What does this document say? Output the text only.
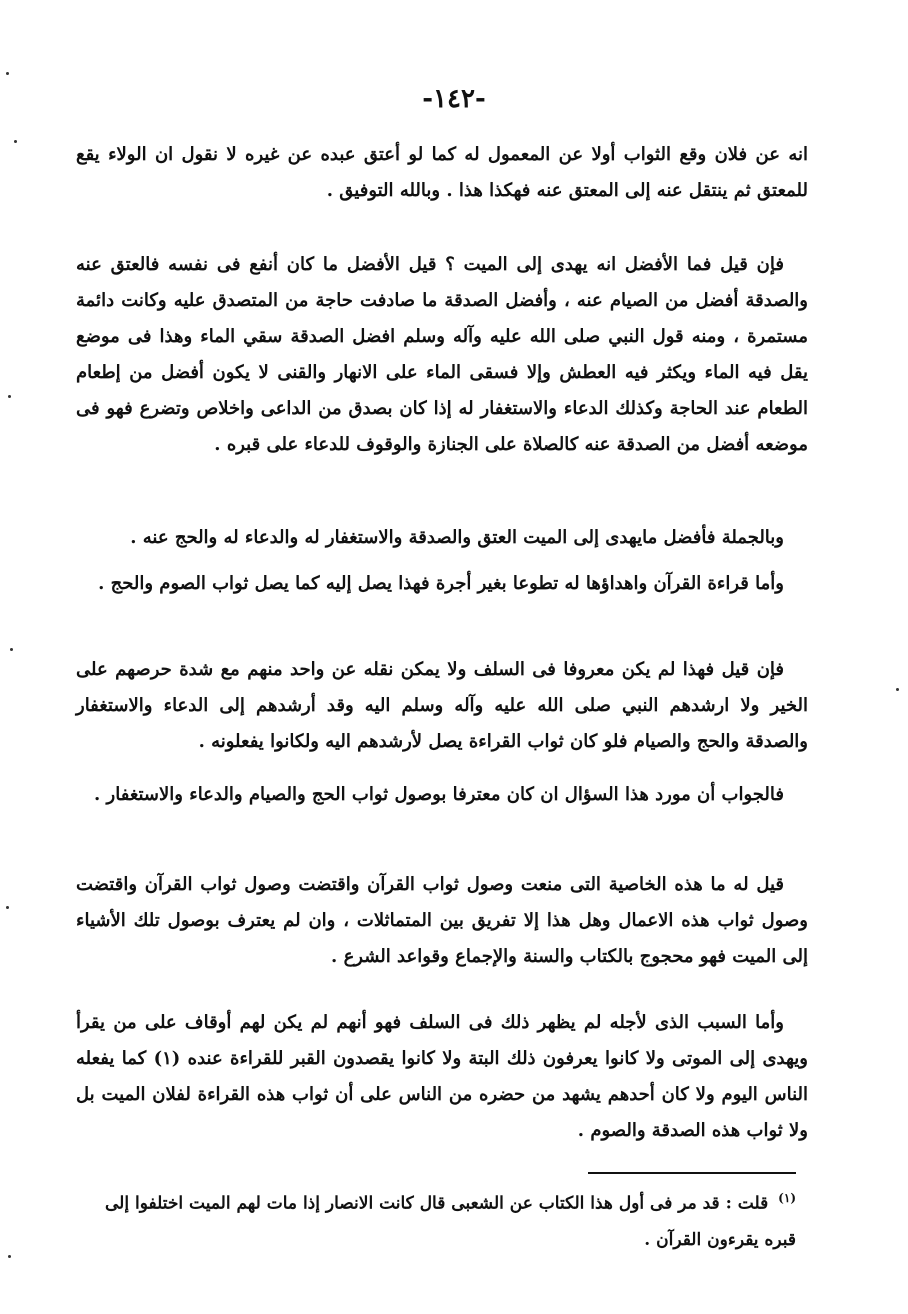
-١٤٢-

انه عن فلان وقع الثواب أولا عن المعمول له كما لو أعتق عبده عن غيره لا نقول ان الولاء يقع للمعتق ثم ينتقل عنه إلى المعتق عنه فهكذا هذا . وبالله التوفيق .

فإن قيل فما الأفضل انه يهدى إلى الميت ؟ قيل الأفضل ما كان أنفع فى نفسه فالعتق عنه والصدقة أفضل من الصيام عنه ، وأفضل الصدقة ما صادفت حاجة من المتصدق عليه وكانت دائمة مستمرة ، ومنه قول النبي صلى الله عليه وآله وسلم افضل الصدقة سقي الماء وهذا فى موضع يقل فيه الماء ويكثر فيه العطش وإلا فسقى الماء على الانهار والقنى لا يكون أفضل من إطعام الطعام عند الحاجة وكذلك الدعاء والاستغفار له إذا كان بصدق من الداعى واخلاص وتضرع فهو فى موضعه أفضل من الصدقة عنه كالصلاة على الجنازة والوقوف للدعاء على قبره .

وبالجملة فأفضل مايهدى إلى الميت العتق والصدقة والاستغفار له والدعاء له والحج عنه .

وأما قراءة القرآن واهداؤها له تطوعا بغير أجرة فهذا يصل إليه كما يصل ثواب الصوم والحج .

فإن قيل فهذا لم يكن معروفا فى السلف ولا يمكن نقله عن واحد منهم مع شدة حرصهم على الخير ولا ارشدهم النبي صلى الله عليه وآله وسلم اليه وقد أرشدهم إلى الدعاء والاستغفار والصدقة والحج والصيام فلو كان ثواب القراءة يصل لأرشدهم اليه ولكانوا يفعلونه .

فالجواب أن مورد هذا السؤال ان كان معترفا بوصول ثواب الحج والصيام والدعاء والاستغفار .

قيل له ما هذه الخاصية التى منعت وصول ثواب القرآن واقتضت وصول ثواب القرآن واقتضت وصول ثواب هذه الاعمال وهل هذا إلا تفريق بين المتماثلات ، وان لم يعترف بوصول تلك الأشياء إلى الميت فهو محجوج بالكتاب والسنة والإجماع وقواعد الشرع .

وأما السبب الذى لأجله لم يظهر ذلك فى السلف فهو أنهم لم يكن لهم أوقاف على من يقرأ ويهدى إلى الموتى ولا كانوا يعرفون ذلك البتة ولا كانوا يقصدون القبر للقراءة عنده (١) كما يفعله الناس اليوم ولا كان أحدهم يشهد من حضره من الناس على أن ثواب هذه القراءة لفلان الميت بل ولا ثواب هذه الصدقة والصوم .

$^{(١)}$ قلت : قد مر فى أول هذا الكتاب عن الشعبى قال كانت الانصار إذا مات لهم الميت اختلفوا إلى قبره يقرءون القرآن .
